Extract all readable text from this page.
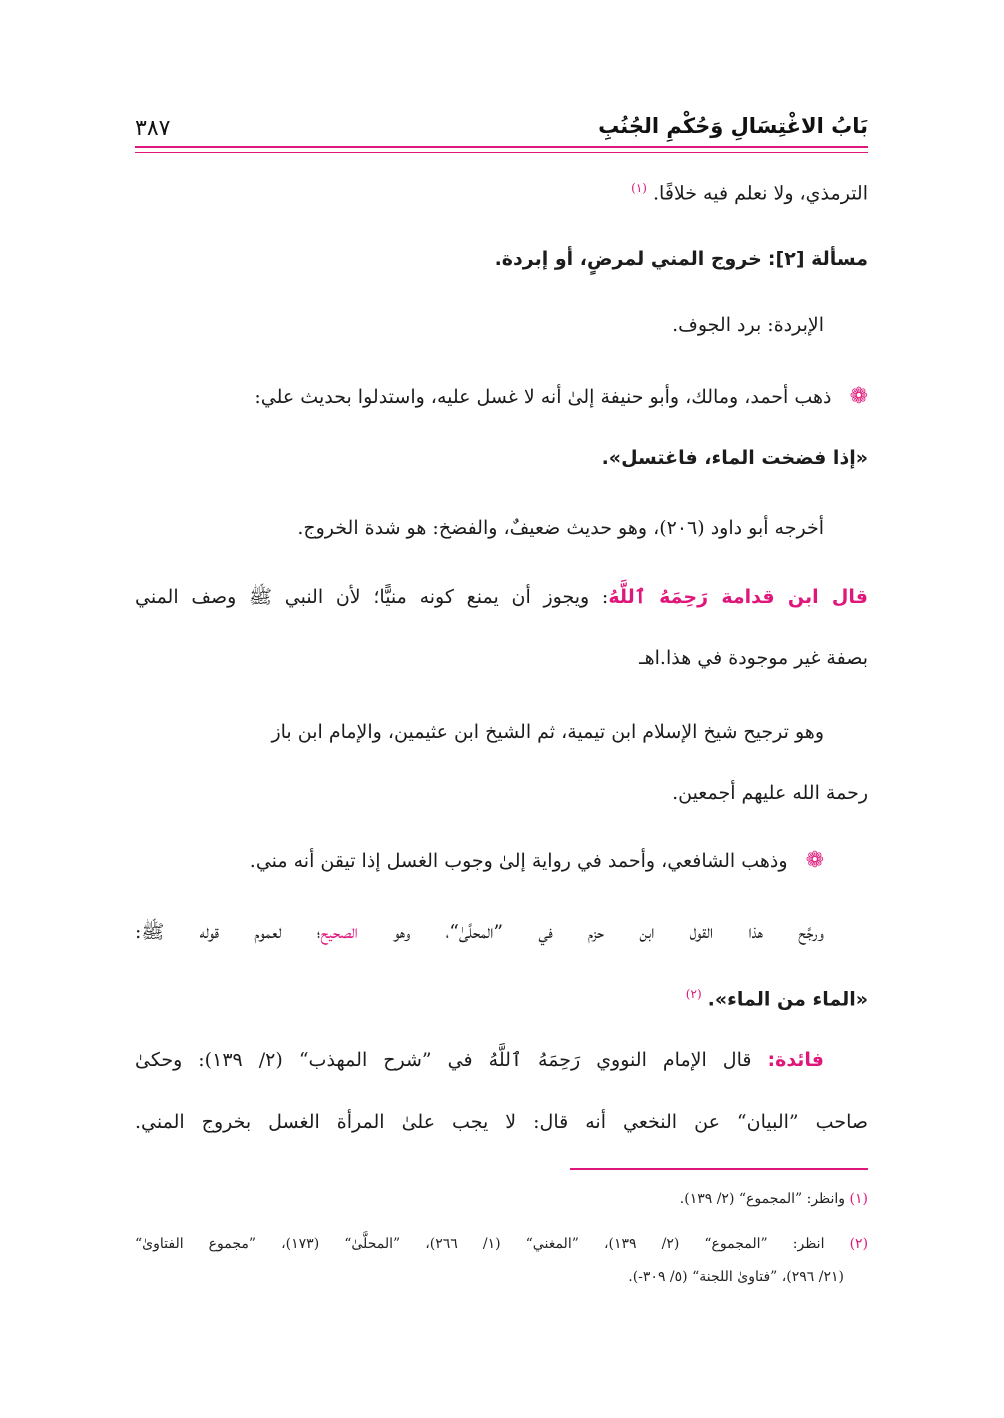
بَابُ الاغْتِسَالِ وَحُكْمِ الجُنُبِ
٣٨٧
الترمذي، ولا نعلم فيه خلافًا. $^{(١)}$
مسألة [٢]: خروج المني لمرضٍ، أو إبردة.
الإبردة: برد الجوف.
❁ ذهب أحمد، ومالك، وأبو حنيفة إلىٰ أنه لا غسل عليه، واستدلوا بحديث علي:
«إذا فضخت الماء، فاغتسل».
أخرجه أبو داود (٢٠٦)، وهو حديث ضعيفٌ، والفضخ: هو شدة الخروج.
قال ابن قدامة رَحِمَهُ ٱللَّهُ: ويجوز أن يمنع كونه منيًّا؛ لأن النبي ﷺ وصف المني
بصفة غير موجودة في هذا.اهـ
وهو ترجيح شيخ الإسلام ابن تيمية، ثم الشيخ ابن عثيمين، والإمام ابن باز
رحمة الله عليهم أجمعين.
❁ وذهب الشافعي، وأحمد في رواية إلىٰ وجوب الغسل إذا تيقن أنه مني.
ورجَّح هذا القول ابن حزم في ”المحلَّىٰ“، وهو الصحيح؛ لعموم قوله ﷺ:
«الماء من الماء». $^{(٢)}$
فائدة: قال الإمام النووي رَحِمَهُ ٱللَّهُ في ”شرح المهذب“ (٢/ ١٣٩): وحكىٰ
صاحب ”البيان“ عن النخعي أنه قال: لا يجب علىٰ المرأة الغسل بخروج المني.
(١) وانظر: ”المجموع“ (٢/ ١٣٩).
(٢) انظر: ”المجموع“ (٢/ ١٣٩)، ”المغني“ (١/ ٢٦٦)، ”المحلَّىٰ“ (١٧٣)، ”مجموع الفتاوىٰ“
(٢١/ ٢٩٦)، ”فتاوىٰ اللجنة“ (٥/ ٣٠٩-).
